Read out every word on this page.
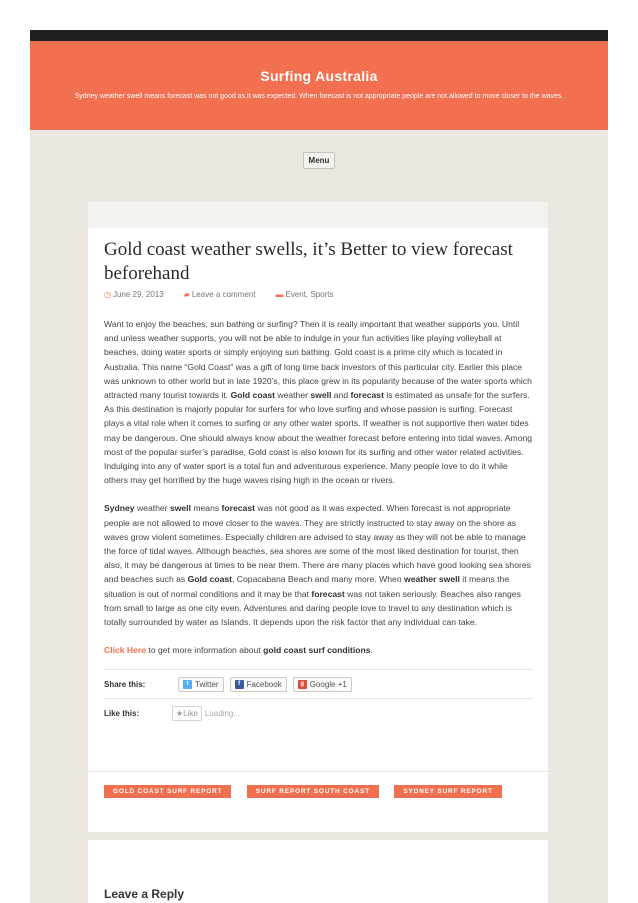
Surfing Australia
Sydney weather swell means forecast was not good as it was expected. When forecast is not appropriate people are not allowed to move closer to the waves.
Menu
Gold coast weather swells, it’s Better to view forecast beforehand
◷ June 29, 2013	▰ Leave a comment	▬ Event, Sports

Want to enjoy the beaches, sun bathing or surfing? Then it is really important that weather supports you. Until and unless weather supports, you will not be able to indulge in your fun activities like playing volleyball at beaches, doing water sports or simply enjoying sun bathing. Gold coast is a prime city which is located in Australia. This name “Gold Coast” was a gift of long time back investors of this particular city. Earlier this place was unknown to other world but in late 1920’s, this place grew in its popularity because of the water sports which attracted many tourist towards it. Gold coast weather swell and forecast is estimated as unsafe for the surfers. As this destination is majorly popular for surfers for who love surfing and whose passion is surfing. Forecast plays a vital role when it comes to surfing or any other water sports. If weather is not supportive then water tides may be dangerous. One should always know about the weather forecast before entering into tidal waves. Among most of the popular surfer’s paradise, Gold coast is also known for its surfing and other water related activities. Indulging into any of water sport is a total fun and adventurous experience. Many people love to do it while others may get horrified by the huge waves rising high in the ocean or rivers.

Sydney weather swell means forecast was not good as it was expected. When forecast is not appropriate people are not allowed to move closer to the waves. They are strictly instructed to stay away on the shore as waves grow violent sometimes. Especially children are advised to stay away as they will not be able to manage the force of tidal waves. Although beaches, sea shores are some of the most liked destination for tourist, then also, it may be dangerous at times to be near them. There are many places which have good looking sea shores and beaches such as Gold coast, Copacabana Beach and many more. When weather swell it means the situation is out of normal conditions and it may be that forecast was not taken seriously. Beaches also ranges from small to large as one city even. Adventures and daring people love to travel to any destination which is totally surrounded by water as Islands. It depends upon the risk factor that any individual can take.

Click Here to get more information about gold coast surf conditions.

Share this:	t Twitter	f Facebook	g Google +1
Like this:	★ Like Loading...
GOLD COAST SURF REPORT	SURF REPORT SOUTH COAST	SYDNEY SURF REPORT
Leave a Reply
